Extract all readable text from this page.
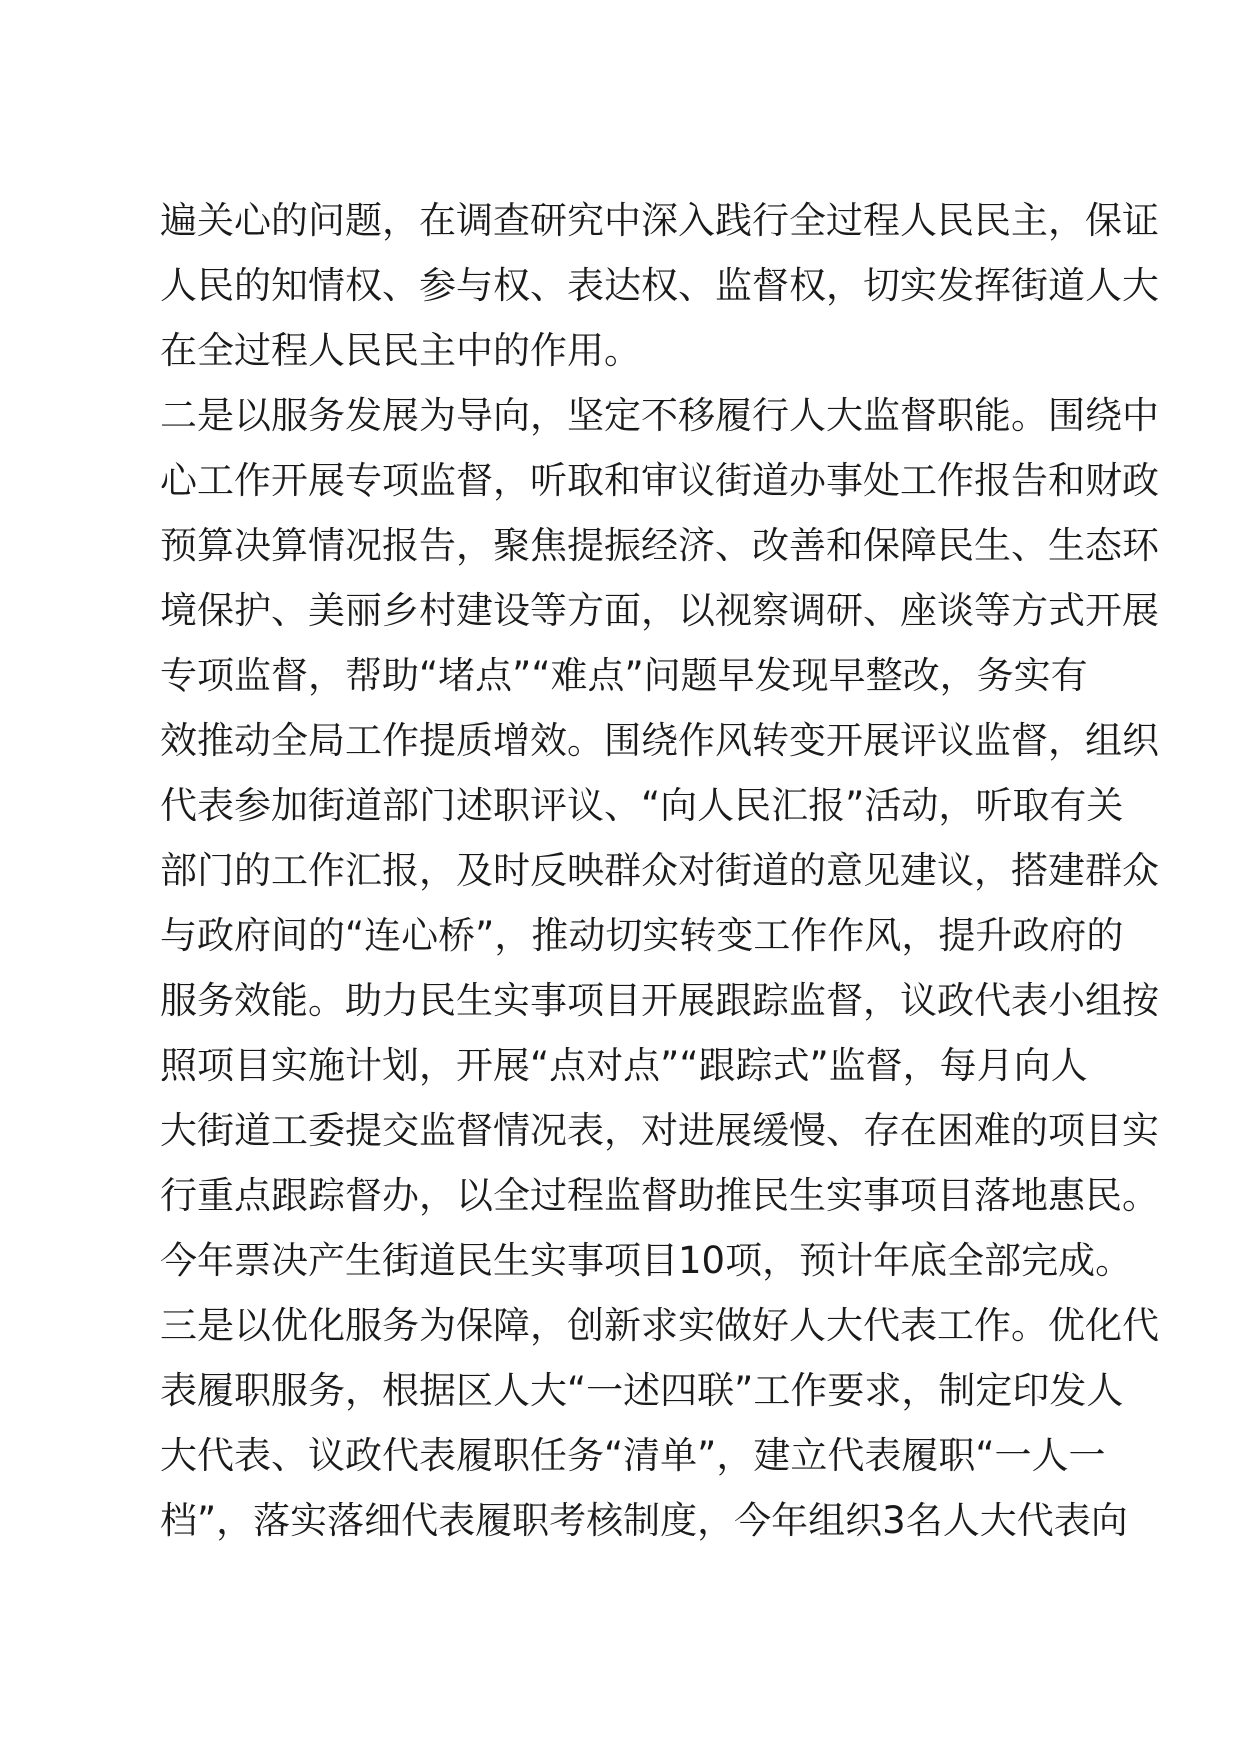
遍关心的问题，在调查研究中深入践行全过程人民民主，保证
人民的知情权、参与权、表达权、监督权，切实发挥街道人大
在全过程人民民主中的作用。
二是以服务发展为导向，坚定不移履行人大监督职能。围绕中
心工作开展专项监督，听取和审议街道办事处工作报告和财政
预算决算情况报告，聚焦提振经济、改善和保障民生、生态环
境保护、美丽乡村建设等方面，以视察调研、座谈等方式开展
专项监督，帮助“堵点”“难点”问题早发现早整改，务实有
效推动全局工作提质增效。围绕作风转变开展评议监督，组织
代表参加街道部门述职评议、“向人民汇报”活动，听取有关
部门的工作汇报，及时反映群众对街道的意见建议，搭建群众
与政府间的“连心桥”，推动切实转变工作作风，提升政府的
服务效能。助力民生实事项目开展跟踪监督，议政代表小组按
照项目实施计划，开展“点对点”“跟踪式”监督，每月向人
大街道工委提交监督情况表，对进展缓慢、存在困难的项目实
行重点跟踪督办，以全过程监督助推民生实事项目落地惠民。
今年票决产生街道民生实事项目10项，预计年底全部完成。
三是以优化服务为保障，创新求实做好人大代表工作。优化代
表履职服务，根据区人大“一述四联”工作要求，制定印发人
大代表、议政代表履职任务“清单”，建立代表履职“一人一
档”，落实落细代表履职考核制度，今年组织3名人大代表向
